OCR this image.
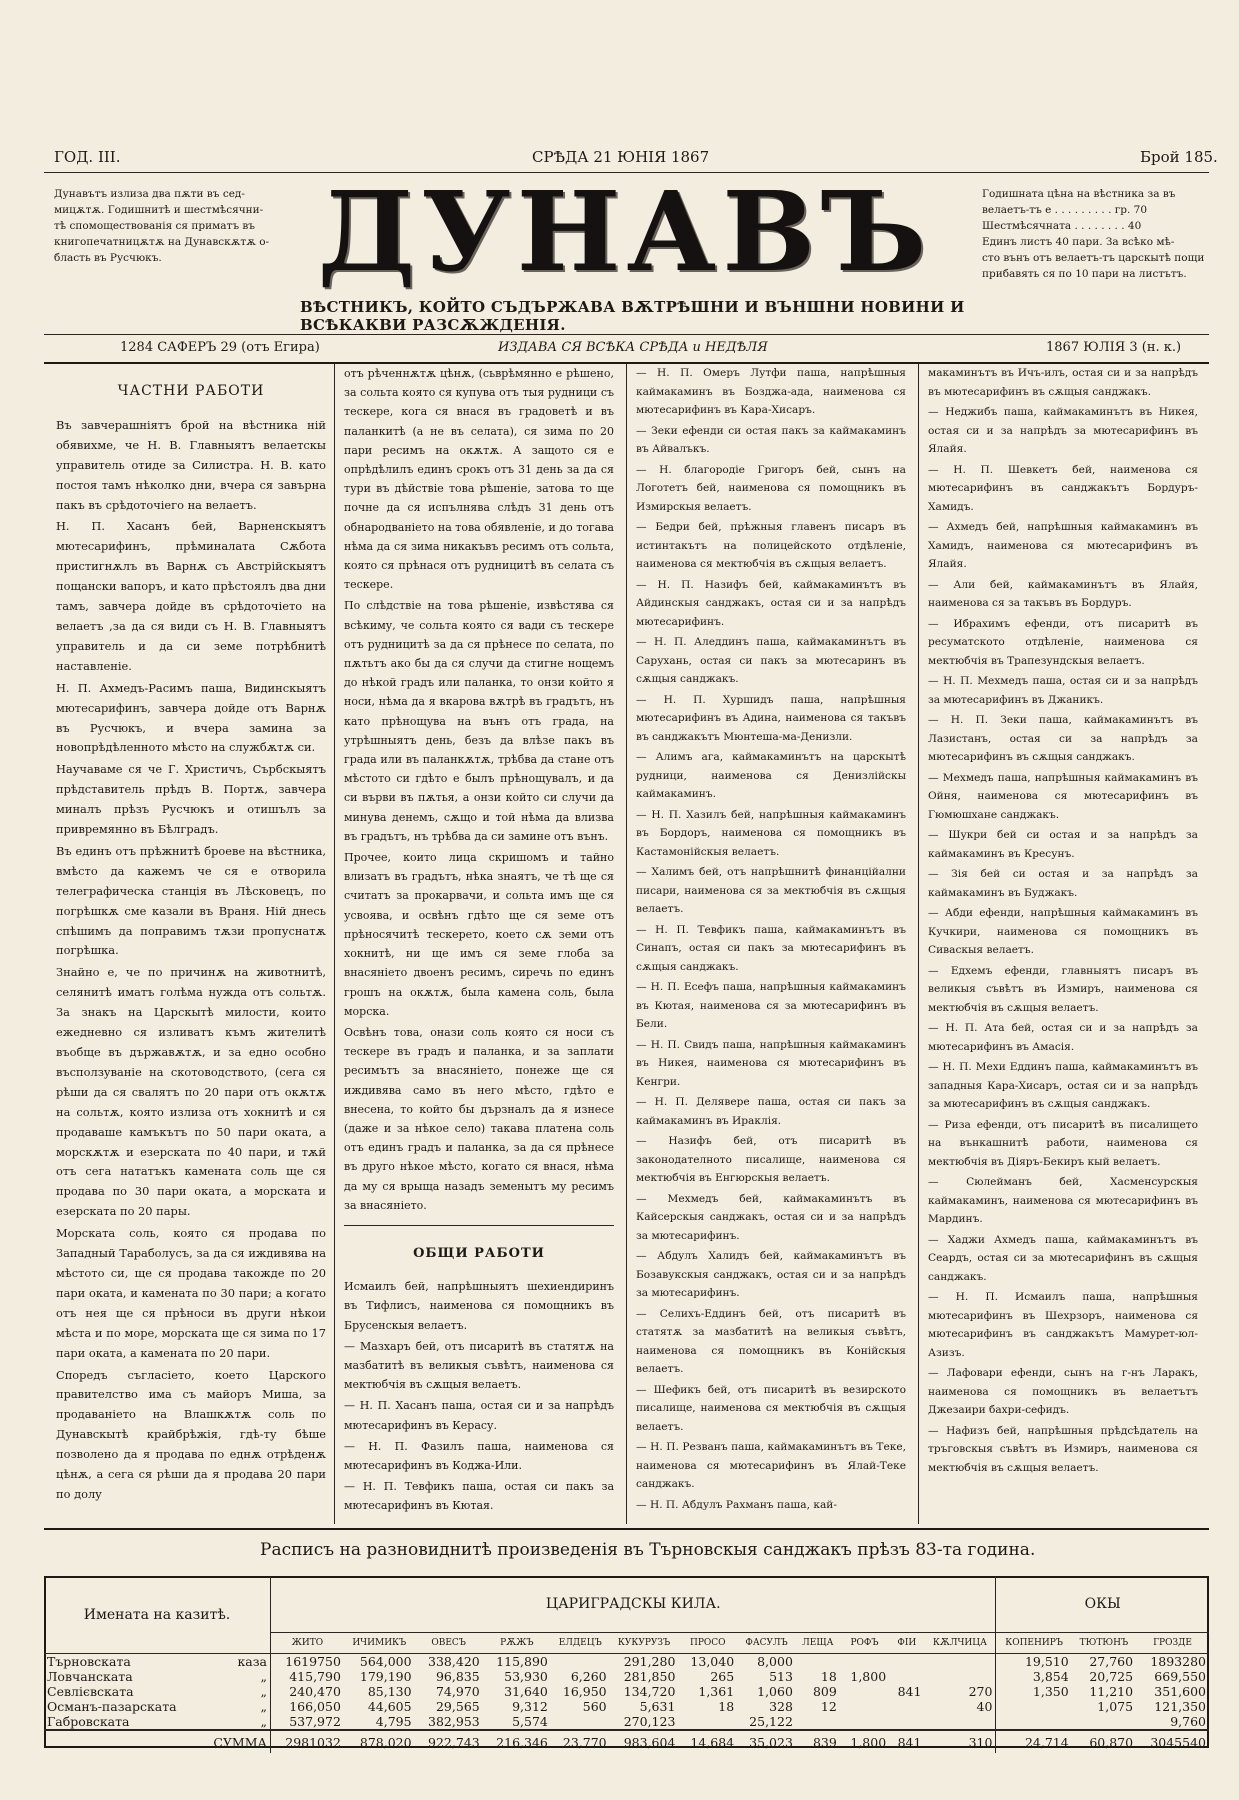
ГОД. III.	СРѢДА 21 ЮНІЯ 1867	Брой 185.
Дунавътъ излиза два пѫти въ сед-
мицѫтѫ. Годишнитѣ и шестмѣсячни-
тѣ спомоществованія ся приматъ въ
книгопечатницѫтѫ на Дунавскѫтѫ о-
бласть въ Русчюкъ.
Годишната цѣна на вѣстника за въ
велаетъ-тъ е . . . . . . . . . гр. 70
Шестмѣсячната . . . . . . . . 40
Единъ листъ 40 пари. За всѣко мѣ-
сто вънъ отъ велаетъ-тъ царскытѣ пощи
прибавять ся по 10 пари на листътъ.
ДУНАВЪ
ВѢСТНИКЪ, КОЙТО СЪДЪРЖАВА ВѪТРѢШНИ И ВЪНШНИ НОВИНИ И ВСѢКАКВИ РАЗСѪЖДЕНІЯ.
1284 САФЕРЪ 29 (отъ Егира)	ИЗДАВА СЯ ВСѢКА СРѢДА и НЕДѢЛЯ	1867 ЮЛІЯ 3 (н. к.)
ЧАСТНИ РАБОТИ

Въ завчерашніятъ брой на вѣстника ній обявихме, че Н. В. Главныятъ велаетскы управитель отиде за Силистра. Н. В. като постоя тамъ нѣколко дни, вчера ся завърна пакъ въ срѣдоточіего на велаетъ.

Н. П. Хасанъ бей, Варненскыятъ мютесарифинъ, прѣминалата Сѫбота пристигнѫлъ въ Варнѫ съ Австрійскыятъ пощански вапоръ, и като прѣстоялъ два дни тамъ, завчера дойде въ срѣдоточіето на велаетъ ,за да ся види съ Н. В. Главныятъ управитель и да си земе потрѣбнитѣ наставленіе.

Н. П. Ахмедъ-Расимъ паша, Видинскыятъ мютесарифинъ, завчера дойде отъ Варнѫ въ Русчюкъ, и вчера замина за новопрѣдѣленното мѣсто на службѫтѫ си.

Научаваме ся че Г. Христичъ, Сърбскыятъ прѣдставитель прѣдъ В. Портѫ, завчера миналъ прѣзъ Русчюкъ и отишълъ за привремянно въ Бѣлградъ.

Въ единъ отъ прѣжнитѣ броеве на вѣстника, вмѣсто да кажемъ че ся е отворила телеграфическа станція въ Лѣсковецъ, по погрѣшкѫ сме казали въ Враня. Ній днесь спѣшимъ да поправимъ тѫзи пропуснатѫ погрѣшка.

Знайно е, че по причинѫ на животнитѣ, селянитѣ иматъ голѣма нужда отъ сольтѫ. За знакъ на Царскытѣ милости, които ежедневно ся изливатъ къмъ жителитѣ въобще въ държавѫтѫ, и за едно особно въсползуваніе на скотоводството, (сега ся рѣши да ся свалятъ по 20 пари отъ окѫтѫ на сольтѫ, която излиза отъ хокнитѣ и ся продаваше камъкътъ по 50 пари оката, а морскѫтѫ и езерската по 40 пари, и тѫй отъ сега нататъкъ камената соль ще ся продава по 30 пари оката, а морската и езерската по 20 пары.

Морската соль, която ся продава по Западный Тараболусъ, за да ся иждивява на мѣстото си, ще ся продава такожде по 20 пари оката, и камената по 30 пари; а когато отъ нея ще ся прѣноси въ други нѣкои мѣста и по море, морската ще ся зима по 17 пари оката, а камената по 20 пари.

Споредъ съгласіето, което Царского правителство има съ майоръ Миша, за продаваніето на Влашкѫтѫ соль по Дунавскытѣ крайбрѣжія, гдѣ-ту бѣше позволено да я продава по еднѫ отрѣденѫ цѣнѫ, а сега ся рѣши да я продава 20 пари по долу

отъ рѣченнѫтѫ цѣнѫ, (сьврѣмянно е рѣшено, за сольта която ся купува отъ тыя рудници съ тескере, кога ся внася въ градоветѣ и въ паланкитѣ (а не въ селата), ся зима по 20 пари ресимъ на окѫтѫ. А защото ся е опрѣдѣлилъ единъ срокъ отъ 31 день за да ся тури въ дѣйствіе това рѣшеніе, затова то ще почне да ся испълнява слѣдъ 31 день отъ обнародваніето на това обявленіе, и до тогава нѣма да ся зима никакъвъ ресимъ отъ сольта, която ся прѣнася отъ рудницитѣ въ селата съ тескере.

По слѣдствіе на това рѣшеніе, извѣстява ся всѣкиму, че сольта която ся вади съ тескере отъ рудницитѣ за да ся прѣнесе по селата, по пѫтьтъ ако бы да ся случи да стигне нощемъ до нѣкой градъ или паланка, то онзи който я носи, нѣма да я вкарова вѫтрѣ въ градътъ, нъ като прѣнощува на вънъ отъ града, на утрѣшныятъ день, безъ да влѣзе пакъ въ града или въ паланкѫтѫ, трѣбва да стане отъ мѣстото си гдѣто е былъ прѣнощувалъ, и да си върви въ пѫтья, а онзи който си случи да минува денемъ, сѫщо и той нѣма да влизва въ градътъ, нъ трѣбва да си замине отъ вънъ.

Прочее, които лица скришомъ и тайно влизатъ въ градътъ, нѣка знаятъ, че тѣ ще ся считатъ за прокарвачи, и сольта имъ ще ся усвоява, и освѣнъ гдѣто ще ся земе отъ прѣносячитѣ тескерето, което сѫ земи отъ хокнитѣ, ни ще имъ ся земе глоба за внасяніето двоенъ ресимъ, сиречь по единъ грошъ на окѫтѫ, была камена соль, была морска.

Освѣнъ това, онази соль която ся носи съ тескере въ градъ и паланка, и за заплати ресимътъ за внасяніето, понеже ще ся иждивява само въ него мѣсто, гдѣто е внесена, то който бы дързналъ да я изнесе (даже и за нѣкое село) такава платена соль отъ единъ градъ и паланка, за да ся прѣнесе въ друго нѣкое мѣсто, когато ся внася, нѣма да му ся врыща назадъ земенытъ му ресимъ за внасяніето.

ОБЩИ РАБОТИ

Исмаилъ бей, напрѣшныятъ шехиендиринъ въ Тифлисъ, наименова ся помощникъ въ Брусенскыя велаетъ.

— Мазхаръ бей, отъ писаритѣ въ статятѫ на мазбатитѣ въ великыя съвѣтъ, наименова ся мектюбчія въ сѫщыя велаетъ.

— Н. П. Хасанъ паша, остая си и за напрѣдъ мютесарифинъ въ Керасу.

— Н. П. Фазилъ паша, наименова ся мютесарифинъ въ Коджа-Или.

— Н. П. Тевфикъ паша, остая си пакъ за мютесарифинъ въ Кютая.

— Н. П. Омеръ Лутфи паша, напрѣшныя каймакаминъ въ Бозджа-ада, наименова ся мютесарифинъ въ Кара-Хисаръ.

— Зеки ефенди си остая пакъ за каймакаминъ въ Айвалъкъ.

— Н. благородіе Григоръ бей, сынъ на Логотетъ бей, наименова ся помощникъ въ Измирскыя велаетъ.

— Бедри бей, прѣжныя главенъ писаръ въ истинтакътъ на полицейското отдѣленіе, наименова ся мектюбчія въ сѫщыя велаетъ.

— Н. П. Назифъ бей, каймакаминътъ въ Айдинскыя санджакъ, остая си и за напрѣдъ мютесарифинъ.

— Н. П. Аледдинъ паша, каймакаминътъ въ Сарухань, остая си пакъ за мютесаринъ въ сѫщыя санджакъ.

— Н. П. Хуршидъ паша, напрѣшныя мютесарифинъ въ Адина, наименова ся такъвъ въ санджакътъ Мюнтеша-ма-Денизли.

— Алимъ ага, каймакаминътъ на царскытѣ рудници, наименова ся Денизлійскы каймакаминъ.

— Н. П. Хазилъ бей, напрѣшныя каймакаминъ въ Бордоръ, наименова ся помощникъ въ Кастамонійскыя велаетъ.

— Халимъ бей, отъ напрѣшнитѣ финанційални писари, наименова ся за мектюбчія въ сѫщыя велаетъ.

— Н. П. Тевфикъ паша, каймакаминътъ въ Синапъ, остая си пакъ за мютесарифинъ въ сѫщыя санджакъ.

— Н. П. Есефъ паша, напрѣшныя каймакаминъ въ Кютая, наименова ся за мютесарифинъ въ Бели.

— Н. П. Свидъ паша, напрѣшныя каймакаминъ въ Никея, наименова ся мютесарифинъ въ Кенгри.

— Н. П. Делявере паша, остая си пакъ за каймакаминъ въ Ираклія.

— Назифъ бей, отъ писаритѣ въ законодателното писалище, наименова ся мектюбчія въ Енгюрскыя велаетъ.

— Мехмедъ бей, каймакаминътъ въ Кайсерскыя санджакъ, остая си и за напрѣдъ за мютесарифинъ.

— Абдулъ Халидъ бей, каймакаминътъ въ Бозавукскыя санджакъ, остая си и за напрѣдъ за мютесарифинъ.

— Селихъ-Еддинъ бей, отъ писаритѣ въ статятѫ за мазбатитѣ на великыя съвѣтъ, наименова ся помощникъ въ Конійскыя велаетъ.

— Шефикъ бей, отъ писаритѣ въ везирското писалище, наименова ся мектюбчія въ сѫщыя велаетъ.

— Н. П. Резванъ паша, каймакаминътъ въ Теке, наименова ся мютесарифинъ въ Ялай-Теке санджакъ.

— Н. П. Абдулъ Рахманъ паша, кай-

макаминътъ въ Ичъ-илъ, остая си и за напрѣдъ въ мютесарифинъ въ сѫщыя санджакъ.

— Неджибъ паша, каймакаминътъ въ Никея, остая си и за напрѣдъ за мютесарифинъ въ Ялайя.

— Н. П. Шевкетъ бей, наименова ся мютесарифинъ въ санджакътъ Бордуръ-Хамидъ.

— Ахмедъ бей, напрѣшныя каймакаминъ въ Хамидъ, наименова ся мютесарифинъ въ Ялайя.

— Али бей, каймакаминътъ въ Ялайя, наименова ся за такъвъ въ Бордуръ.

— Ибрахимъ ефенди, отъ писаритѣ въ ресуматското отдѣленіе, наименова ся мектюбчія въ Трапезундскыя велаетъ.

— Н. П. Мехмедъ паша, остая си и за напрѣдъ за мютесарифинъ въ Джаникъ.

— Н. П. Зеки паша, каймакаминътъ въ Лазистанъ, остая си за напрѣдъ за мютесарифинъ въ сѫщыя санджакъ.

— Мехмедъ паша, напрѣшныя каймакаминъ въ Ойня, наименова ся мютесарифинъ въ Гюмюшхане санджакъ.

— Шукри бей си остая и за напрѣдъ за каймакаминъ въ Кресунъ.

— Зія бей си остая и за напрѣдъ за каймакаминъ въ Буджакъ.

— Абди ефенди, напрѣшныя каймакаминъ въ Кучкири, наименова ся помощникъ въ Сиваскыя велаетъ.

— Едхемъ ефенди, главныятъ писаръ въ великыя съвѣтъ въ Измиръ, наименова ся мектюбчія въ сѫщыя велаетъ.

— Н. П. Ата бей, остая си и за напрѣдъ за мютесарифинъ въ Амасія.

— Н. П. Мехи Еддинъ паша, каймакаминътъ въ западныя Кара-Хисаръ, остая си и за напрѣдъ за мютесарифинъ въ сѫщыя санджакъ.

— Риза ефенди, отъ писаритѣ въ писалището на вънкашнитѣ работи, наименова ся мектюбчія въ Діяръ-Бекиръ кый велаетъ.

— Сюлейманъ бей, Хасменсурскыя каймакаминъ, наименова ся мютесарифинъ въ Мардинъ.

— Хаджи Ахмедъ паша, каймакаминътъ въ Сеардъ, остая си за мютесарифинъ въ сѫщыя санджакъ.

— Н. П. Исмаилъ паша, напрѣшныя мютесарифинъ въ Шехрзоръ, наименова ся мютесарифинъ въ санджакътъ Мамурет-юл-Азизъ.

— Лафовари ефенди, сынъ на г-нъ Ларакъ, наименова ся помощникъ въ велаетътъ Джезаири бахри-сефидъ.

— Нафизъ бей, напрѣшныя прѣдсѣдатель на тръговскыя съвѣтъ въ Измиръ, наименова ся мектюбчія въ сѫщыя велаетъ.

Расписъ на разновиднитѣ произведенія въ Търновскыя санджакъ прѣзъ 83-та година.
Имената на казитѣ.	ЦАРИГРАДСКЫ КИЛА.												ОКЫ		
	ЖИТО	ИЧИМИКЪ	ОВЕСЪ	РѪЖЪ	ЕЛДЕЦЪ	КУКУРУЗЪ	ПРОСО	ФАСУЛЪ	ЛЕЩА	РОФЪ	ФІИ	КѪЛЧИЦА	КОПЕНИРЪ	ТЮТЮНЪ	ГРОЗДЕ
Търновската каза	1619750	564,000	338,420	115,890		291,280	13,040	8,000					19,510	27,760	1893280
Ловчанската „	415,790	179,190	96,835	53,930	6,260	281,850	265	513	18	1,800			3,854	20,725	669,550
Севлієвската „	240,470	85,130	74,970	31,640	16,950	134,720	1,361	1,060	809		841	270	1,350	11,210	351,600
Османъ-пазарската „	166,050	44,605	29,565	9,312	560	5,631	18	328	12			40		1,075	121,350
Габровската „	537,972	4,795	382,953	5,574		270,123		25,122							9,760
СУММА	2981032	878,020	922,743	216,346	23,770	983,604	14,684	35,023	839	1,800	841	310	24,714	60,870	3045540
